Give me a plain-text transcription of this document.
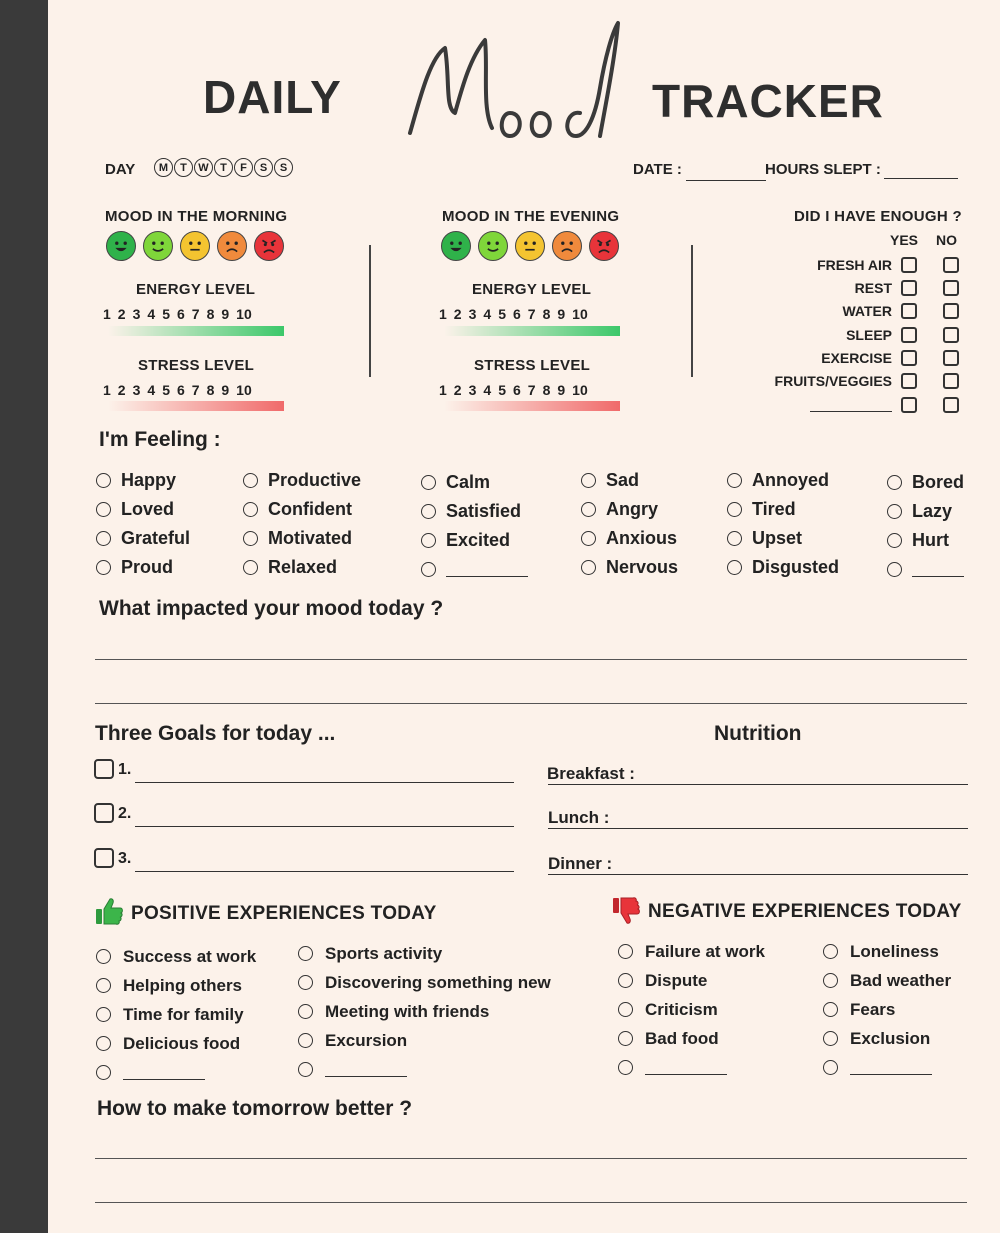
DAILY	TRACKER
DAY	M	T	W	T	F	S	S	DATE :	HOURS SLEPT :
MOOD IN THE MORNING
ENERGY LEVEL
1 2 3 4 5 6 7 8 9 10
STRESS LEVEL
1 2 3 4 5 6 7 8 9 10
MOOD IN THE EVENING
ENERGY LEVEL
1 2 3 4 5 6 7 8 9 10
STRESS LEVEL
1 2 3 4 5 6 7 8 9 10
DID I HAVE ENOUGH ?
YES NO
FRESH AIR
REST
WATER
SLEEP
EXERCISE
FRUITS/VEGGIES
I'm Feeling :
Happy
Loved
Grateful
Proud
Productive
Confident
Motivated
Relaxed
Calm
Satisfied
Excited
Sad
Angry
Anxious
Nervous
Annoyed
Tired
Upset
Disgusted
Bored
Lazy
Hurt
What impacted your mood today ?
Three Goals for today ...
1.
2.
3.
Nutrition
Breakfast :
Lunch :
Dinner :
POSITIVE EXPERIENCES TODAY
Success at work
Helping others
Time for family
Delicious food
Sports activity
Discovering something new
Meeting with friends
Excursion
NEGATIVE EXPERIENCES TODAY
Failure at work
Dispute
Criticism
Bad food
Loneliness
Bad weather
Fears
Exclusion
How to make tomorrow better ?
